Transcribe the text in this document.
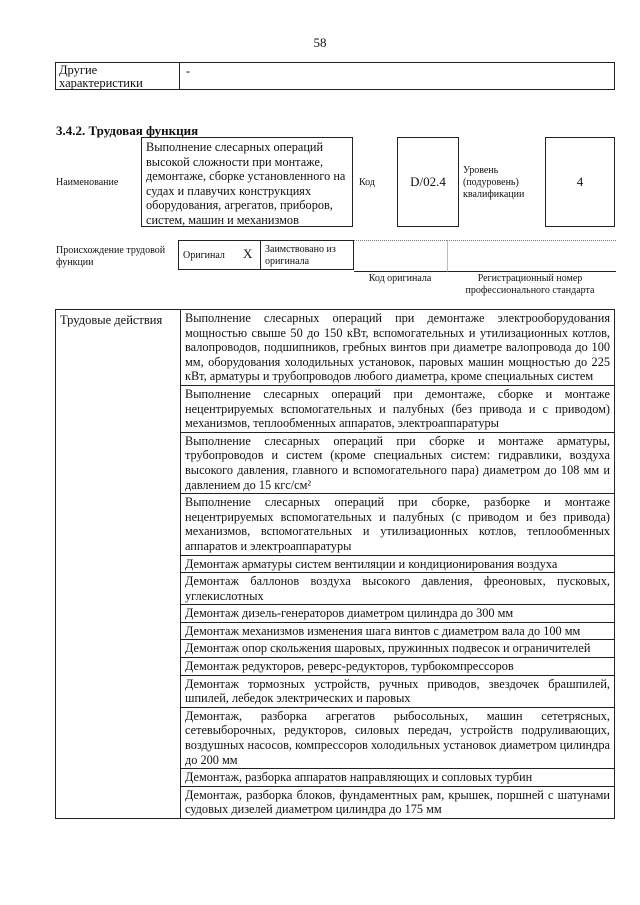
58
Другие характеристики
-
3.4.2. Трудовая функция
Наименование
Выполнение слесарных операций высокой сложности при монтаже, демонтаже, сборке установленного на судах и плавучих конструкциях оборудования, агрегатов, приборов, систем, машин и механизмов
Код	D/02.4
Уровень (подуровень) квалификации
4
Происхождение трудовой функции
Оригинал X	Заимствовано из оригинала
Код оригинала	Регистрационный номер профессионального стандарта
Трудовые действия	Выполнение слесарных операций при демонтаже электрооборудования мощностью свыше 50 до 150 кВт, вспомогательных и утилизационных котлов, валопроводов, подшипников, гребных винтов при диаметре валопровода до 100 мм, оборудования холодильных установок, паровых машин мощностью до 225 кВт, арматуры и трубопроводов любого диаметра, кроме специальных систем
Выполнение слесарных операций при демонтаже, сборке и монтаже нецентрируемых вспомогательных и палубных (без привода и с приводом) механизмов, теплообменных аппаратов, электроаппаратуры
Выполнение слесарных операций при сборке и монтаже арматуры, трубопроводов и систем (кроме специальных систем: гидравлики, воздуха высокого давления, главного и вспомогательного пара) диаметром до 108 мм и давлением до 15 кгс/см²
Выполнение слесарных операций при сборке, разборке и монтаже нецентрируемых вспомогательных и палубных (с приводом и без привода) механизмов, вспомогательных и утилизационных котлов, теплообменных аппаратов и электроаппаратуры
Демонтаж арматуры систем вентиляции и кондиционирования воздуха
Демонтаж баллонов воздуха высокого давления, фреоновых, пусковых, углекислотных
Демонтаж дизель-генераторов диаметром цилиндра до 300 мм
Демонтаж механизмов изменения шага винтов с диаметром вала до 100 мм
Демонтаж опор скольжения шаровых, пружинных подвесок и ограничителей
Демонтаж редукторов, реверс-редукторов, турбокомпрессоров
Демонтаж тормозных устройств, ручных приводов, звездочек брашпилей, шпилей, лебедок электрических и паровых
Демонтаж, разборка агрегатов рыбосольных, машин сететрясных, сетевыборочных, редукторов, силовых передач, устройств подруливающих, воздушных насосов, компрессоров холодильных установок диаметром цилиндра до 200 мм
Демонтаж, разборка аппаратов направляющих и сопловых турбин
Демонтаж, разборка блоков, фундаментных рам, крышек, поршней с шатунами судовых дизелей диаметром цилиндра до 175 мм
